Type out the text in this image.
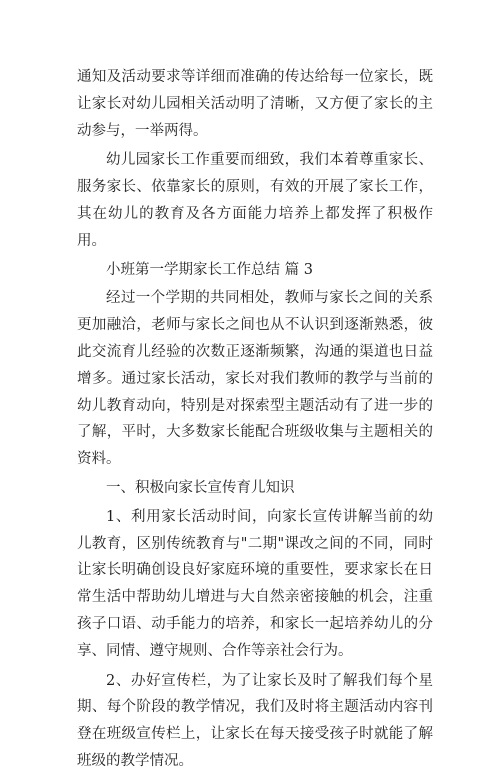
通知及活动要求等详细而准确的传达给每一位家长，既让家长对幼儿园相关活动明了清晰，又方便了家长的主动参与，一举两得。

幼儿园家长工作重要而细致，我们本着尊重家长、服务家长、依靠家长的原则，有效的开展了家长工作，其在幼儿的教育及各方面能力培养上都发挥了积极作用。

小班第一学期家长工作总结 篇 3

经过一个学期的共同相处，教师与家长之间的关系更加融洽，老师与家长之间也从不认识到逐渐熟悉，彼此交流育儿经验的次数正逐渐频繁，沟通的渠道也日益增多。通过家长活动，家长对我们教师的教学与当前的幼儿教育动向，特别是对探索型主题活动有了进一步的了解，平时，大多数家长能配合班级收集与主题相关的资料。

一、积极向家长宣传育儿知识

1、利用家长活动时间，向家长宣传讲解当前的幼儿教育，区别传统教育与"二期"课改之间的不同，同时让家长明确创设良好家庭环境的重要性，要求家长在日常生活中帮助幼儿增进与大自然亲密接触的机会，注重孩子口语、动手能力的培养，和家长一起培养幼儿的分享、同情、遵守规则、合作等亲社会行为。

2、办好宣传栏，为了让家长及时了解我们每个星期、每个阶段的教学情况，我们及时将主题活动内容刊登在班级宣传栏上，让家长在每天接受孩子时就能了解班级的教学情况。
